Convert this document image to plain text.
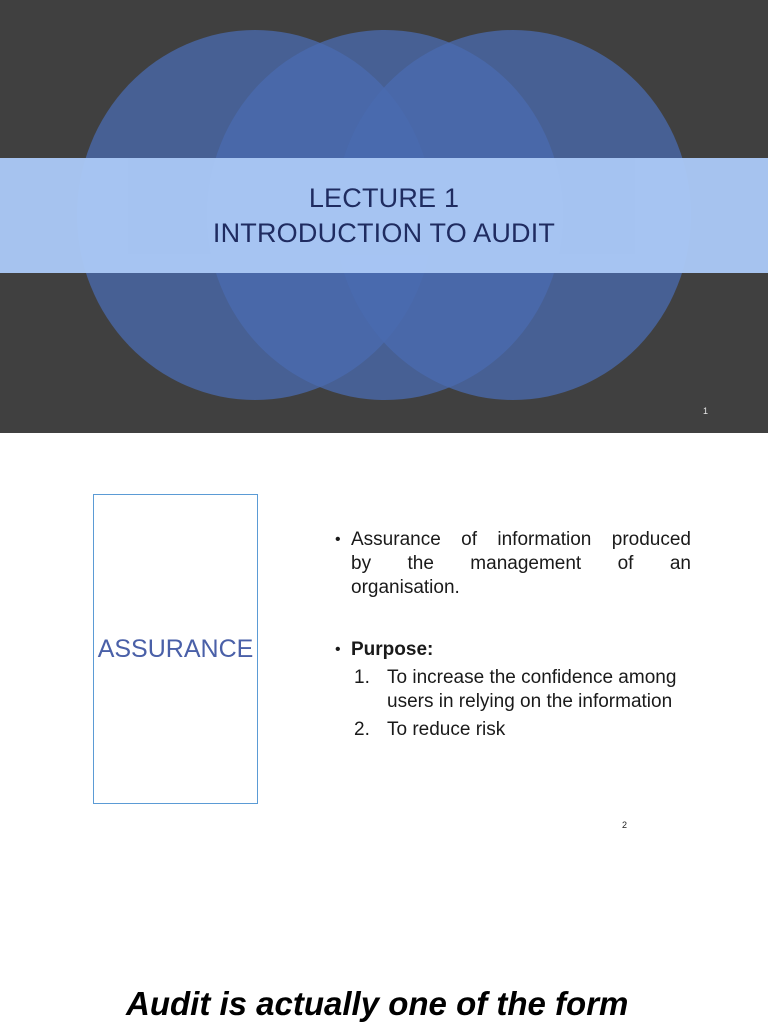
LECTURE 1
INTRODUCTION TO AUDIT
1
ASSURANCE
• Assurance of information produced
by the management of an
organisation.
• Purpose:
1. To increase the confidence among users in relying on the information
2. To reduce risk
2
Audit is actually one of the form
